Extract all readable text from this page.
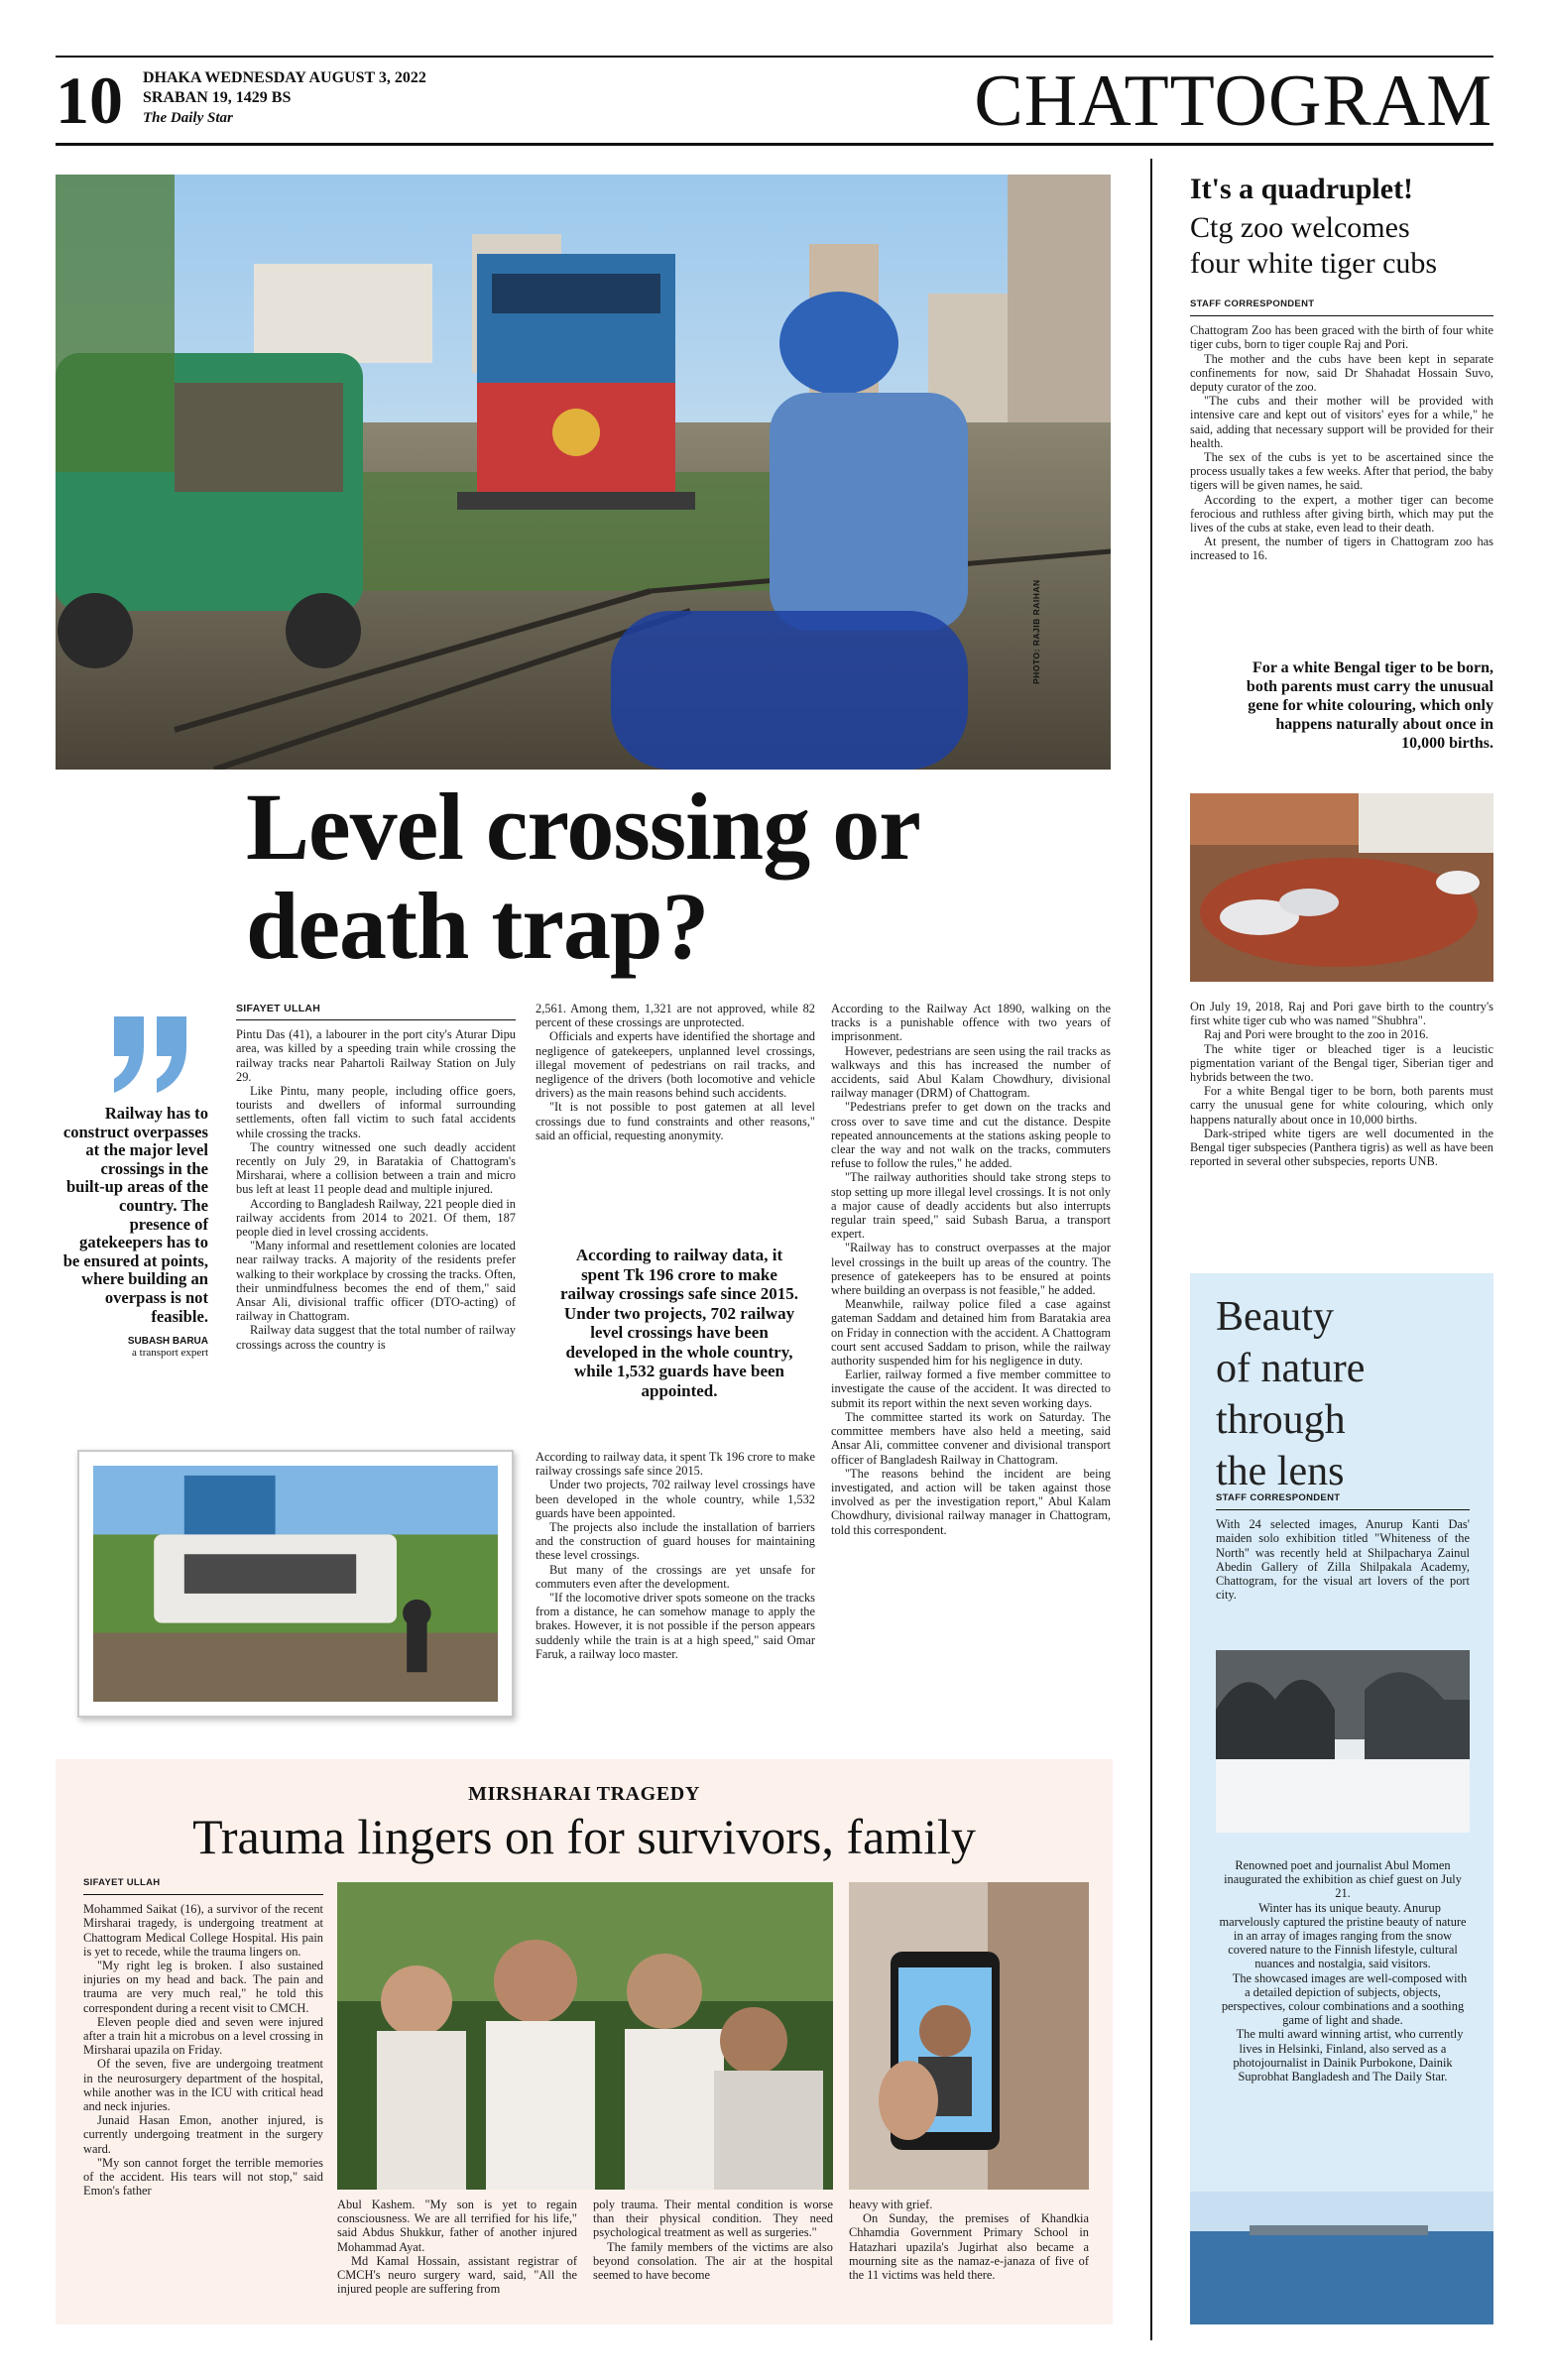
10 DHAKA WEDNESDAY AUGUST 3, 2022
SRABAN 19, 1429 BS
The Daily Star	CHATTOGRAM
PHOTO: RAJIB RAIHAN
Level crossing or
death trap?
Railway has to construct overpasses at the major level crossings in the built-up areas of the country. The presence of gatekeepers has to be ensured at points, where building an overpass is not feasible.
SUBASH BARUA
a transport expert
SIFAYET ULLAH

Pintu Das (41), a labourer in the port city's Aturar Dipu area, was killed by a speeding train while crossing the railway tracks near Pahartoli Railway Station on July 29.

Like Pintu, many people, including office goers, tourists and dwellers of informal surrounding settlements, often fall victim to such fatal accidents while crossing the tracks.

The country witnessed one such deadly accident recently on July 29, in Baratakia of Chattogram's Mirsharai, where a collision between a train and micro bus left at least 11 people dead and multiple injured.

According to Bangladesh Railway, 221 people died in railway accidents from 2014 to 2021. Of them, 187 people died in level crossing accidents.

"Many informal and resettlement colonies are located near railway tracks. A majority of the residents prefer walking to their workplace by crossing the tracks. Often, their unmindfulness becomes the end of them," said Ansar Ali, divisional traffic officer (DTO-acting) of railway in Chattogram.

Railway data suggest that the total number of railway crossings across the country is

2,561. Among them, 1,321 are not approved, while 82 percent of these crossings are unprotected.

Officials and experts have identified the shortage and negligence of gatekeepers, unplanned level crossings, illegal movement of pedestrians on rail tracks, and negligence of the drivers (both locomotive and vehicle drivers) as the main reasons behind such accidents.

"It is not possible to post gatemen at all level crossings due to fund constraints and other reasons," said an official, requesting anonymity.

According to railway data, it spent Tk 196 crore to make railway crossings safe since 2015. Under two projects, 702 railway level crossings have been developed in the whole country, while 1,532 guards have been appointed.

According to railway data, it spent Tk 196 crore to make railway crossings safe since 2015.

Under two projects, 702 railway level crossings have been developed in the whole country, while 1,532 guards have been appointed.

The projects also include the installation of barriers and the construction of guard houses for maintaining these level crossings.

But many of the crossings are yet unsafe for commuters even after the development.

"If the locomotive driver spots someone on the tracks from a distance, he can somehow manage to apply the brakes. However, it is not possible if the person appears suddenly while the train is at a high speed," said Omar Faruk, a railway loco master.

According to the Railway Act 1890, walking on the tracks is a punishable offence with two years of imprisonment.

However, pedestrians are seen using the rail tracks as walkways and this has increased the number of accidents, said Abul Kalam Chowdhury, divisional railway manager (DRM) of Chattogram.

"Pedestrians prefer to get down on the tracks and cross over to save time and cut the distance. Despite repeated announcements at the stations asking people to clear the way and not walk on the tracks, commuters refuse to follow the rules," he added.

"The railway authorities should take strong steps to stop setting up more illegal level crossings. It is not only a major cause of deadly accidents but also interrupts regular train speed," said Subash Barua, a transport expert.

"Railway has to construct overpasses at the major level crossings in the built up areas of the country. The presence of gatekeepers has to be ensured at points where building an overpass is not feasible," he added.

Meanwhile, railway police filed a case against gateman Saddam and detained him from Baratakia area on Friday in connection with the accident. A Chattogram court sent accused Saddam to prison, while the railway authority suspended him for his negligence in duty.

Earlier, railway formed a five member committee to investigate the cause of the accident. It was directed to submit its report within the next seven working days.

The committee started its work on Saturday. The committee members have also held a meeting, said Ansar Ali, committee convener and divisional transport officer of Bangladesh Railway in Chattogram.

"The reasons behind the incident are being investigated, and action will be taken against those involved as per the investigation report," Abul Kalam Chowdhury, divisional railway manager in Chattogram, told this correspondent.

It's a quadruplet!
Ctg zoo welcomes four white tiger cubs
STAFF CORRESPONDENT

Chattogram Zoo has been graced with the birth of four white tiger cubs, born to tiger couple Raj and Pori.

The mother and the cubs have been kept in separate confinements for now, said Dr Shahadat Hossain Suvo, deputy curator of the zoo.

"The cubs and their mother will be provided with intensive care and kept out of visitors' eyes for a while," he said, adding that necessary support will be provided for their health.

The sex of the cubs is yet to be ascertained since the process usually takes a few weeks. After that period, the baby tigers will be given names, he said.

According to the expert, a mother tiger can become ferocious and ruthless after giving birth, which may put the lives of the cubs at stake, even lead to their death.

At present, the number of tigers in Chattogram zoo has increased to 16.

For a white Bengal tiger to be born, both parents must carry the unusual gene for white colouring, which only happens naturally about once in 10,000 births.

On July 19, 2018, Raj and Pori gave birth to the country's first white tiger cub who was named "Shubhra".

Raj and Pori were brought to the zoo in 2016.

The white tiger or bleached tiger is a leucistic pigmentation variant of the Bengal tiger, Siberian tiger and hybrids between the two.

For a white Bengal tiger to be born, both parents must carry the unusual gene for white colouring, which only happens naturally about once in 10,000 births.

Dark-striped white tigers are well documented in the Bengal tiger subspecies (Panthera tigris) as well as have been reported in several other subspecies, reports UNB.

Beauty
of nature
through
the lens
STAFF CORRESPONDENT

With 24 selected images, Anurup Kanti Das' maiden solo exhibition titled "Whiteness of the North" was recently held at Shilpacharya Zainul Abedin Gallery of Zilla Shilpakala Academy, Chattogram, for the visual art lovers of the port city.

Renowned poet and journalist Abul Momen inaugurated the exhibition as chief guest on July 21.

Winter has its unique beauty. Anurup marvelously captured the pristine beauty of nature in an array of images ranging from the snow covered nature to the Finnish lifestyle, cultural nuances and nostalgia, said visitors.

The showcased images are well-composed with a detailed depiction of subjects, objects, perspectives, colour combinations and a soothing game of light and shade.

The multi award winning artist, who currently lives in Helsinki, Finland, also served as a photojournalist in Dainik Purbokone, Dainik Suprobhat Bangladesh and The Daily Star.

MIRSHARAI TRAGEDY
Trauma lingers on for survivors, family
SIFAYET ULLAH

Mohammed Saikat (16), a survivor of the recent Mirsharai tragedy, is undergoing treatment at Chattogram Medical College Hospital. His pain is yet to recede, while the trauma lingers on.

"My right leg is broken. I also sustained injuries on my head and back. The pain and trauma are very much real," he told this correspondent during a recent visit to CMCH.

Eleven people died and seven were injured after a train hit a microbus on a level crossing in Mirsharai upazila on Friday.

Of the seven, five are undergoing treatment in the neurosurgery department of the hospital, while another was in the ICU with critical head and neck injuries.

Junaid Hasan Emon, another injured, is currently undergoing treatment in the surgery ward.

"My son cannot forget the terrible memories of the accident. His tears will not stop," said Emon's father

Abul Kashem. "My son is yet to regain consciousness. We are all terrified for his life," said Abdus Shukkur, father of another injured Mohammad Ayat.

Md Kamal Hossain, assistant registrar of CMCH's neuro surgery ward, said, "All the injured people are suffering from

poly trauma. Their mental condition is worse than their physical condition. They need psychological treatment as well as surgeries."

The family members of the victims are also beyond consolation. The air at the hospital seemed to have become

heavy with grief.

On Sunday, the premises of Khandkia Chhamdia Government Primary School in Hatazhari upazila's Jugirhat also became a mourning site as the namaz-e-janaza of five of the 11 victims was held there.
